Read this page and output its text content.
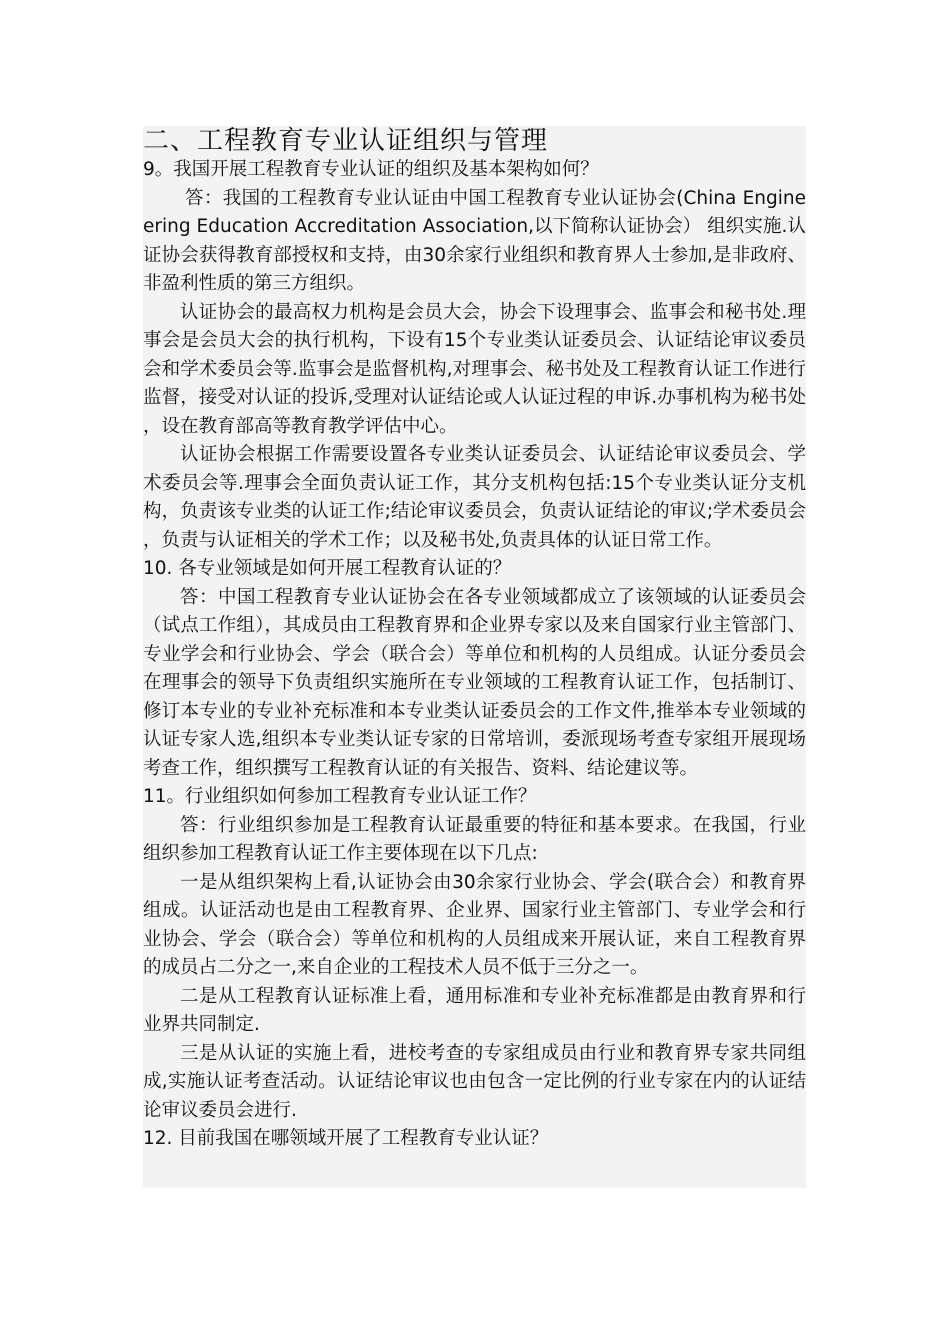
二、工程教育专业认证组织与管理

9。我国开展工程教育专业认证的组织及基本架构如何？

答：我国的工程教育专业认证由中国工程教育专业认证协会(China Engineering Education Accreditation Association,以下简称认证协会） 组织实施.认证协会获得教育部授权和支持，由30余家行业组织和教育界人士参加,是非政府、非盈利性质的第三方组织。

认证协会的最高权力机构是会员大会，协会下设理事会、监事会和秘书处.理事会是会员大会的执行机构，下设有15个专业类认证委员会、认证结论审议委员会和学术委员会等.监事会是监督机构,对理事会、秘书处及工程教育认证工作进行监督，接受对认证的投诉,受理对认证结论或人认证过程的申诉.办事机构为秘书处，设在教育部高等教育教学评估中心。

认证协会根据工作需要设置各专业类认证委员会、认证结论审议委员会、学术委员会等.理事会全面负责认证工作，其分支机构包括:15个专业类认证分支机构，负责该专业类的认证工作;结论审议委员会，负责认证结论的审议;学术委员会，负责与认证相关的学术工作；以及秘书处,负责具体的认证日常工作。

10. 各专业领域是如何开展工程教育认证的？

答：中国工程教育专业认证协会在各专业领域都成立了该领域的认证委员会（试点工作组），其成员由工程教育界和企业界专家以及来自国家行业主管部门、专业学会和行业协会、学会（联合会）等单位和机构的人员组成。认证分委员会在理事会的领导下负责组织实施所在专业领域的工程教育认证工作，包括制订、修订本专业的专业补充标准和本专业类认证委员会的工作文件,推举本专业领域的认证专家人选,组织本专业类认证专家的日常培训，委派现场考查专家组开展现场考查工作，组织撰写工程教育认证的有关报告、资料、结论建议等。

11。行业组织如何参加工程教育专业认证工作？

答：行业组织参加是工程教育认证最重要的特征和基本要求。在我国，行业组织参加工程教育认证工作主要体现在以下几点:

一是从组织架构上看,认证协会由30余家行业协会、学会(联合会）和教育界组成。认证活动也是由工程教育界、企业界、国家行业主管部门、专业学会和行业协会、学会（联合会）等单位和机构的人员组成来开展认证，来自工程教育界的成员占二分之一,来自企业的工程技术人员不低于三分之一。

二是从工程教育认证标准上看，通用标准和专业补充标准都是由教育界和行业界共同制定.

三是从认证的实施上看，进校考查的专家组成员由行业和教育界专家共同组成,实施认证考查活动。认证结论审议也由包含一定比例的行业专家在内的认证结论审议委员会进行.

12. 目前我国在哪领域开展了工程教育专业认证？
